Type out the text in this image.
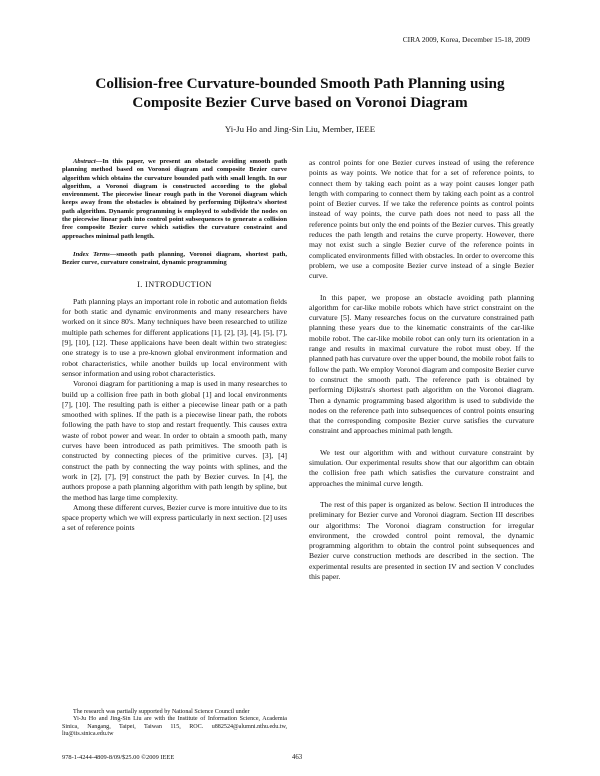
CIRA 2009, Korea, December 15-18, 2009
Collision-free Curvature-bounded Smooth Path Planning using
Composite Bezier Curve based on Voronoi Diagram
Yi-Ju Ho and Jing-Sin Liu, Member, IEEE

Abstract—In this paper, we present an obstacle avoiding smooth path planning method based on Voronoi diagram and composite Bezier curve algorithm which obtains the curvature bounded path with small length. In our algorithm, a Voronoi diagram is constructed according to the global environment. The piecewise linear rough path in the Voronoi diagram which keeps away from the obstacles is obtained by performing Dijkstra's shortest path algorithm. Dynamic programming is employed to subdivide the nodes on the piecewise linear path into control point subsequences to generate a collision free composite Bezier curve which satisfies the curvature constraint and approaches minimal path length.

Index Terms—smooth path planning, Voronoi diagram, shortest path, Bezier curve, curvature constraint, dynamic programming

I. INTRODUCTION

Path planning plays an important role in robotic and automation fields for both static and dynamic environments and many researchers have worked on it since 80's. Many techniques have been researched to utilize multiple path schemes for different applications [1], [2], [3], [4], [5], [7], [9], [10], [12]. These applicaions have been dealt within two strategies: one strategy is to use a pre-known global environment information and robot characteristics, while another builds up local environment with sensor information and using robot characteristics.

Voronoi diagram for partitioning a map is used in many researches to build up a collision free path in both global [1] and local environments [7], [10]. The resulting path is either a piecewise linear path or a path smoothed with splines. If the path is a piecewise linear path, the robots following the path have to stop and restart frequently. This causes extra waste of robot power and wear. In order to obtain a smooth path, many curves have been introduced as path primitives. The smooth path is constructed by connecting pieces of the primitive curves. [3], [4] construct the path by connecting the way points with splines, and the work in [2], [7], [9] construct the path by Bezier curves. In [4], the authors propose a path planning algorithm with path length by spline, but the method has large time complexity.

Among these different curves, Bezier curve is more intuitive due to its space property which we will express particularly in next section. [2] uses a set of reference points

The research was partially supported by National Science Council under
Yi-Ju Ho and Jing-Sin Liu are with the Institute of Information Science, Academia Sinica, Nangang, Taipei, Taiwan 115, ROC. u882524@alumni.nthu.edu.tw, liu@iis.sinica.edu.tw

as control points for one Bezier curves instead of using the reference points as way points. We notice that for a set of reference points, to connect them by taking each point as a way point causes longer path length with comparing to connect them by taking each point as a control point of Bezier curves. If we take the reference points as control points instead of way points, the curve path does not need to pass all the reference points but only the end points of the Bezier curves. This greatly reduces the path length and retains the curve property. However, there may not exist such a single Bezier curve of the reference points in complicated environments filled with obstacles. In order to overcome this problem, we use a composite Bezier curve instead of a single Bezier curve.

In this paper, we propose an obstacle avoiding path planning algorithm for car-like mobile robots which have strict constraint on the curvature [5]. Many researches focus on the curvature constrained path planning these years due to the kinematic constraints of the car-like mobile robot. The car-like mobile robot can only turn its orientation in a range and results in maximal curvature the robot must obey. If the planned path has curvature over the upper bound, the mobile robot fails to follow the path. We employ Voronoi diagram and composite Bezier curve to construct the smooth path. The reference path is obtained by performing Dijkstra's shortest path algorithm on the Voronoi diagram. Then a dynamic programming based algorithm is used to subdivide the nodes on the reference path into subsequences of control points ensuring that the corresponding composite Bezier curve satisfies the curvature constraint and approaches minimal path length.

We test our algorithm with and without curvature constraint by simulation. Our experimental results show that our algorithm can obtain the collision free path which satisfies the curvature constraint and approaches the minimal curve length.

The rest of this paper is organized as below. Section II introduces the preliminary for Bezier curve and Voronoi diagram. Section III describes our algorithms: The Voronoi diagram construction for irregular environment, the crowded control point removal, the dynamic programming algorithm to obtain the control point subsequences and Bezier curve construction methods are described in the section. The experimental results are presented in section IV and section V concludes this paper.

978-1-4244-4809-8/09/$25.00 ©2009 IEEE	463
